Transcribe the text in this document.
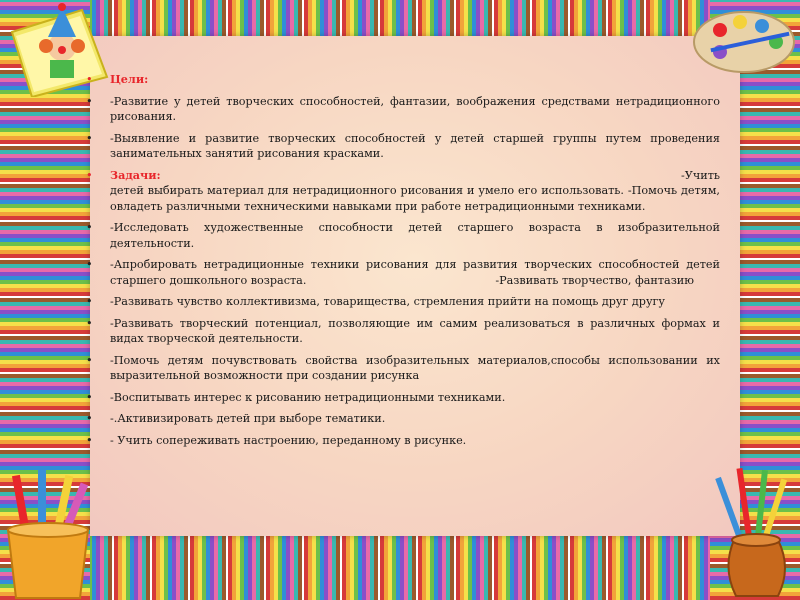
• Цели:
• -Развитие у детей творческих способностей, фантазии, воображения средствами нетрадиционного рисования.
• -Выявление и развитие творческих способностей у детей старшей группы путем проведения занимательных занятий рисования красками.
• Задачи:	-Учить

детей выбирать материал для нетрадиционного рисования и умело его использовать. -Помочь детям, овладеть различными техническими навыками при работе нетрадиционными техниками.
• -Исследовать художественные способности детей старшего возраста в изобразительной деятельности.
• -Апробировать нетрадиционные техники рисования для развития творческих способностей детей старшего дошкольного возраста.	-Развивать творчество, фантазию
• -Развивать чувство коллективизма, товарищества, стремления прийти на помощь друг другу
• -Развивать творческий потенциал, позволяющие им самим реализоваться в различных формах и видах творческой деятельности.
• -Помочь детям почувствовать свойства изобразительных материалов,способы использовании их выразительной возможности при создании рисунка
• -Воспитывать интерес к рисованию нетрадиционными техниками.
• -.Активизировать детей при выборе тематики.
• - Учить сопереживать настроению, переданному в рисунке.
